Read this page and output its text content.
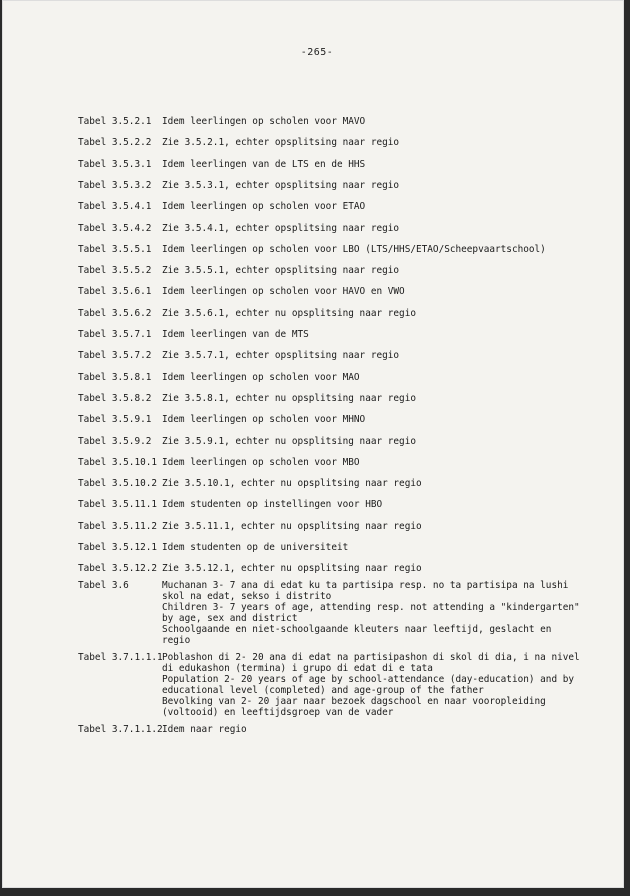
-265-
Tabel 3.5.2.1 Idem leerlingen op scholen voor MAVO
Tabel 3.5.2.2 Zie 3.5.2.1, echter opsplitsing naar regio
Tabel 3.5.3.1 Idem leerlingen van de LTS en de HHS
Tabel 3.5.3.2 Zie 3.5.3.1, echter opsplitsing naar regio
Tabel 3.5.4.1 Idem leerlingen op scholen voor ETAO
Tabel 3.5.4.2 Zie 3.5.4.1, echter opsplitsing naar regio
Tabel 3.5.5.1 Idem leerlingen op scholen voor LBO (LTS/HHS/ETAO/Scheepvaartschool)
Tabel 3.5.5.2 Zie 3.5.5.1, echter opsplitsing naar regio
Tabel 3.5.6.1 Idem leerlingen op scholen voor HAVO en VWO
Tabel 3.5.6.2 Zie 3.5.6.1, echter nu opsplitsing naar regio
Tabel 3.5.7.1 Idem leerlingen van de MTS
Tabel 3.5.7.2 Zie 3.5.7.1, echter opsplitsing naar regio
Tabel 3.5.8.1 Idem leerlingen op scholen voor MAO
Tabel 3.5.8.2 Zie 3.5.8.1, echter nu opsplitsing naar regio
Tabel 3.5.9.1 Idem leerlingen op scholen voor MHNO
Tabel 3.5.9.2 Zie 3.5.9.1, echter nu opsplitsing naar regio
Tabel 3.5.10.1 Idem leerlingen op scholen voor MBO
Tabel 3.5.10.2 Zie 3.5.10.1, echter nu opsplitsing naar regio
Tabel 3.5.11.1 Idem studenten op instellingen voor HBO
Tabel 3.5.11.2 Zie 3.5.11.1, echter nu opsplitsing naar regio
Tabel 3.5.12.1 Idem studenten op de universiteit
Tabel 3.5.12.2 Zie 3.5.12.1, echter nu opsplitsing naar regio
Tabel 3.6	Muchanan 3- 7 ana di edat ku ta partisipa resp. no ta partisipa na lushi
skol na edat, sekso i distrito
Children 3- 7 years of age, attending resp. not attending a "kindergarten"
by age, sex and district
Schoolgaande en niet-schoolgaande kleuters naar leeftijd, geslacht en
regio
Tabel 3.7.1.1.1 Poblashon di 2- 20 ana di edat na partisipashon di skol di dia, i na nivel
di edukashon (termina) i grupo di edat di e tata
Population 2- 20 years of age by school-attendance (day-education) and by
educational level (completed) and age-group of the father
Bevolking van 2- 20 jaar naar bezoek dagschool en naar vooropleiding
(voltooid) en leeftijdsgroep van de vader
Tabel 3.7.1.1.2 Idem naar regio
